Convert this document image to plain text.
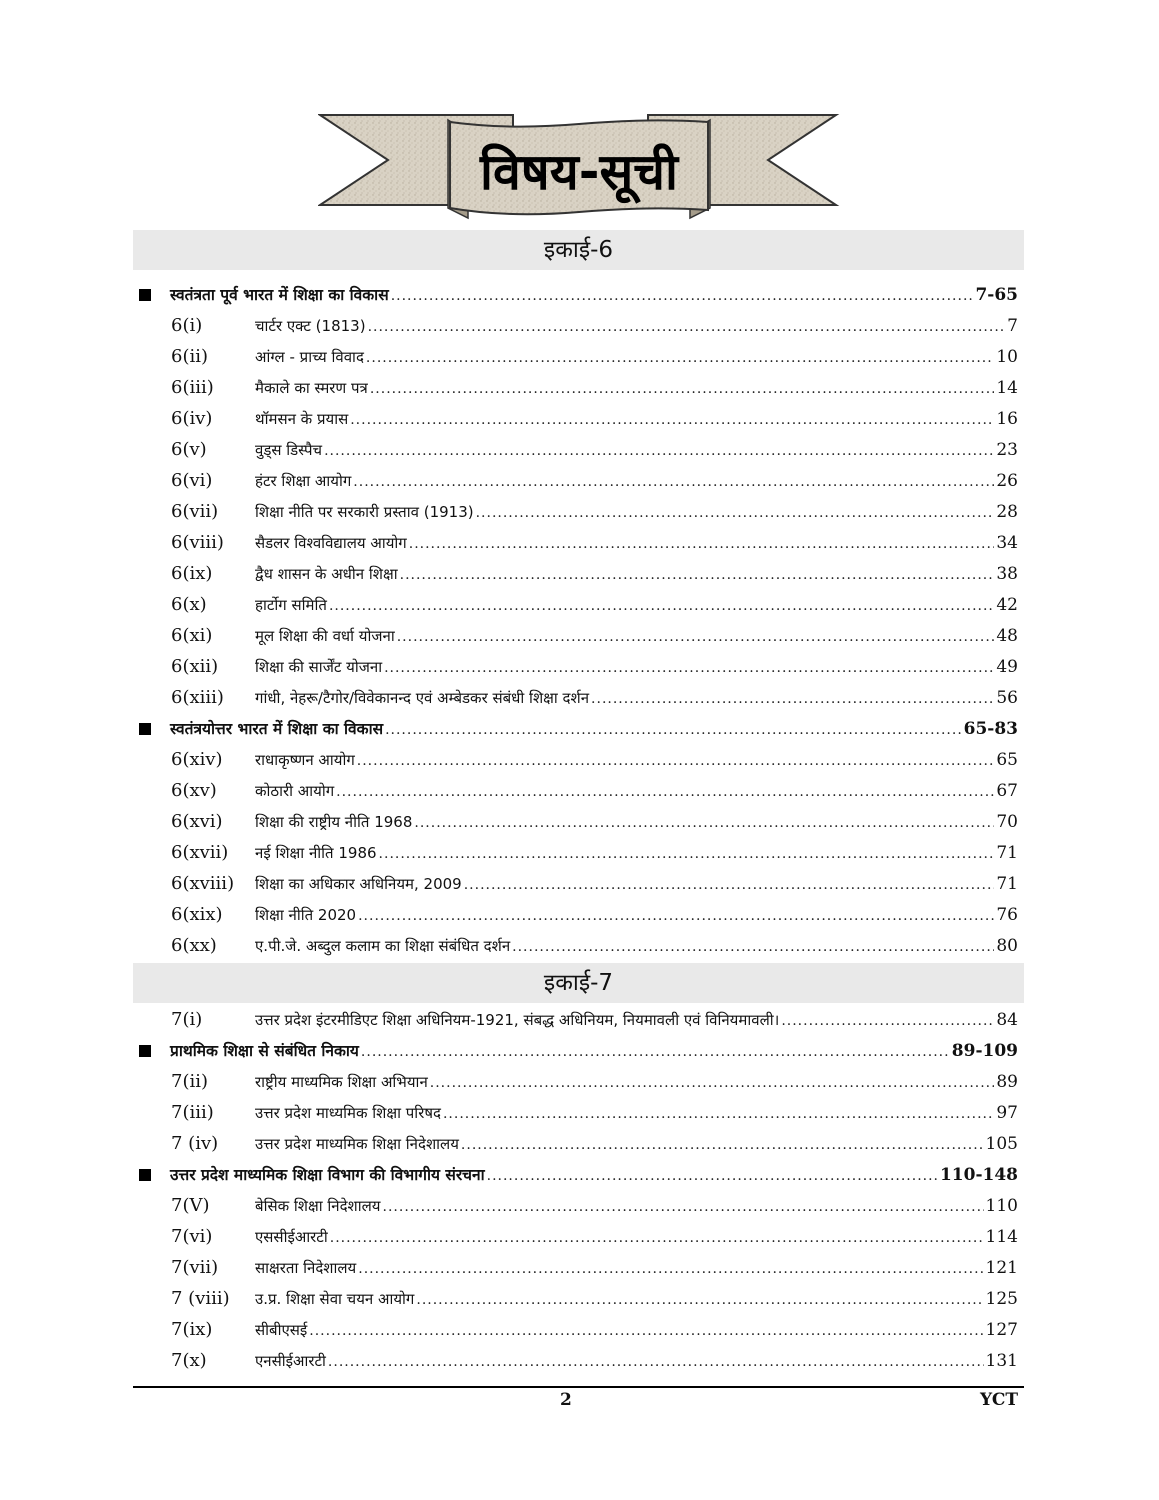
विषय-सूची
इकाई-6
स्वतंत्रता पूर्व भारत में शिक्षा का विकास .....	7-65
6(i)	चार्टर एक्ट (1813) .....	7
6(ii)	आंग्ल - प्राच्य विवाद .....	10
6(iii)	मैकाले का स्मरण पत्र .....	14
6(iv)	थॉमसन के प्रयास .....	16
6(v)	वुड्स डिस्पैच .....	23
6(vi)	हंटर शिक्षा आयोग .....	26
6(vii)	शिक्षा नीति पर सरकारी प्रस्ताव (1913) .....	28
6(viii)	सैडलर विश्वविद्यालय आयोग .....	34
6(ix)	द्वैध शासन के अधीन शिक्षा .....	38
6(x)	हार्टोग समिति .....	42
6(xi)	मूल शिक्षा की वर्धा योजना .....	48
6(xii)	शिक्षा की सार्जेंट योजना .....	49
6(xiii)	गांधी, नेहरू/टैगोर/विवेकानन्द एवं अम्बेडकर संबंधी शिक्षा दर्शन .....	56
स्वतंत्रयोत्तर भारत में शिक्षा का विकास .....	65-83
6(xiv)	राधाकृष्णन आयोग .....	65
6(xv)	कोठारी आयोग .....	67
6(xvi)	शिक्षा की राष्ट्रीय नीति 1968 .....	70
6(xvii)	नई शिक्षा नीति 1986 .....	71
6(xviii)	शिक्षा का अधिकार अधिनियम, 2009 .....	71
6(xix)	शिक्षा नीति 2020 .....	76
6(xx)	ए.पी.जे. अब्दुल कलाम का शिक्षा संबंधित दर्शन .....	80
इकाई-7
7(i)	उत्तर प्रदेश इंटरमीडिएट शिक्षा अधिनियम-1921, संबद्ध अधिनियम, नियमावली एवं विनियमावली। .....	84
प्राथमिक शिक्षा से संबंधित निकाय .....	89-109
7(ii)	राष्ट्रीय माध्यमिक शिक्षा अभियान .....	89
7(iii)	उत्तर प्रदेश माध्यमिक शिक्षा परिषद .....	97
7 (iv)	उत्तर प्रदेश माध्यमिक शिक्षा निदेशालय .....	105
उत्तर प्रदेश माध्यमिक शिक्षा विभाग की विभागीय संरचना .....	110-148
7(V)	बेसिक शिक्षा निदेशालय .....	110
7(vi)	एससीईआरटी .....	114
7(vii)	साक्षरता निदेशालय .....	121
7 (viii)	उ.प्र. शिक्षा सेवा चयन आयोग .....	125
7(ix)	सीबीएसई .....	127
7(x)	एनसीईआरटी .....	131
2	YCT
